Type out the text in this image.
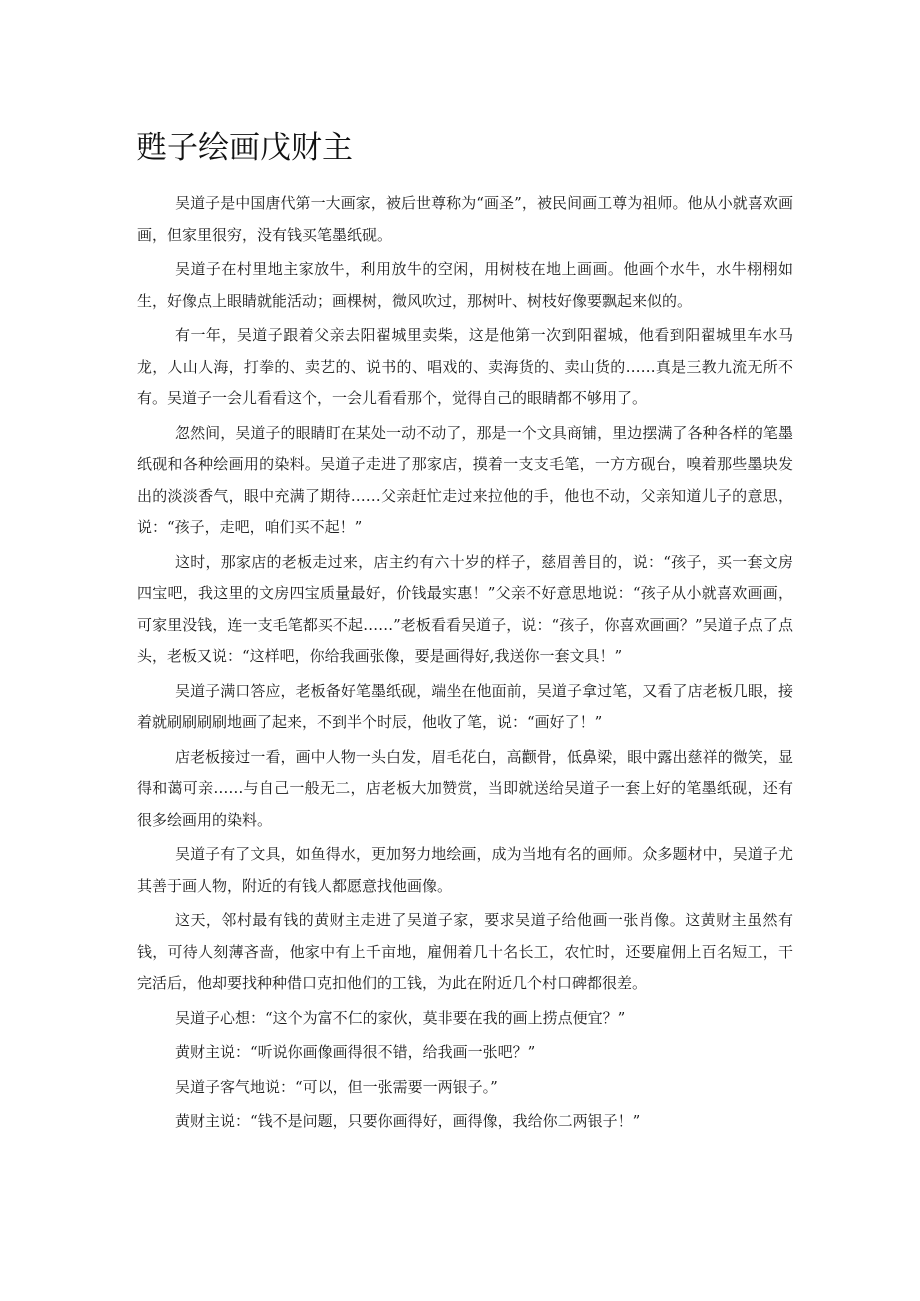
甦子绘画戊财主

吴道子是中国唐代第一大画家，被后世尊称为“画圣”，被民间画工尊为祖师。他从小就喜欢画画，但家里很穷，没有钱买笔墨纸砚。

吴道子在村里地主家放牛，利用放牛的空闲，用树枝在地上画画。他画个水牛，水牛栩栩如生，好像点上眼睛就能活动；画棵树，微风吹过，那树叶、树枝好像要飘起来似的。

有一年，吴道子跟着父亲去阳翟城里卖柴，这是他第一次到阳翟城，他看到阳翟城里车水马龙，人山人海，打拳的、卖艺的、说书的、唱戏的、卖海货的、卖山货的……真是三教九流无所不有。吴道子一会儿看看这个，一会儿看看那个，觉得自己的眼睛都不够用了。

忽然间，吴道子的眼睛盯在某处一动不动了，那是一个文具商铺，里边摆满了各种各样的笔墨纸砚和各种绘画用的染料。吴道子走进了那家店，摸着一支支毛笔，一方方砚台，嗅着那些墨块发出的淡淡香气，眼中充满了期待……父亲赶忙走过来拉他的手，他也不动，父亲知道儿子的意思，说：“孩子，走吧，咱们买不起！”

这时，那家店的老板走过来，店主约有六十岁的样子，慈眉善目的，说：“孩子，买一套文房四宝吧，我这里的文房四宝质量最好，价钱最实惠！”父亲不好意思地说：“孩子从小就喜欢画画，可家里没钱，连一支毛笔都买不起……”老板看看吴道子，说：“孩子，你喜欢画画？”吴道子点了点头，老板又说：“这样吧，你给我画张像，要是画得好,我送你一套文具！”

吴道子满口答应，老板备好笔墨纸砚，端坐在他面前，吴道子拿过笔，又看了店老板几眼，接着就刷刷刷刷地画了起来，不到半个时辰，他收了笔，说：“画好了！”

店老板接过一看，画中人物一头白发，眉毛花白，高颧骨，低鼻梁，眼中露出慈祥的微笑，显得和蔼可亲……与自己一般无二，店老板大加赞赏，当即就送给吴道子一套上好的笔墨纸砚，还有很多绘画用的染料。

吴道子有了文具，如鱼得水，更加努力地绘画，成为当地有名的画师。众多题材中，吴道子尤其善于画人物，附近的有钱人都愿意找他画像。

这天，邻村最有钱的黄财主走进了吴道子家，要求吴道子给他画一张肖像。这黄财主虽然有钱，可待人刻薄吝啬，他家中有上千亩地，雇佣着几十名长工，农忙时，还要雇佣上百名短工，干完活后，他却要找种种借口克扣他们的工钱，为此在附近几个村口碑都很差。

吴道子心想：“这个为富不仁的家伙，莫非要在我的画上捞点便宜？”

黄财主说：“听说你画像画得很不错，给我画一张吧？”

吴道子客气地说：“可以，但一张需要一两银子。”

黄财主说：“钱不是问题，只要你画得好，画得像，我给你二两银子！”
